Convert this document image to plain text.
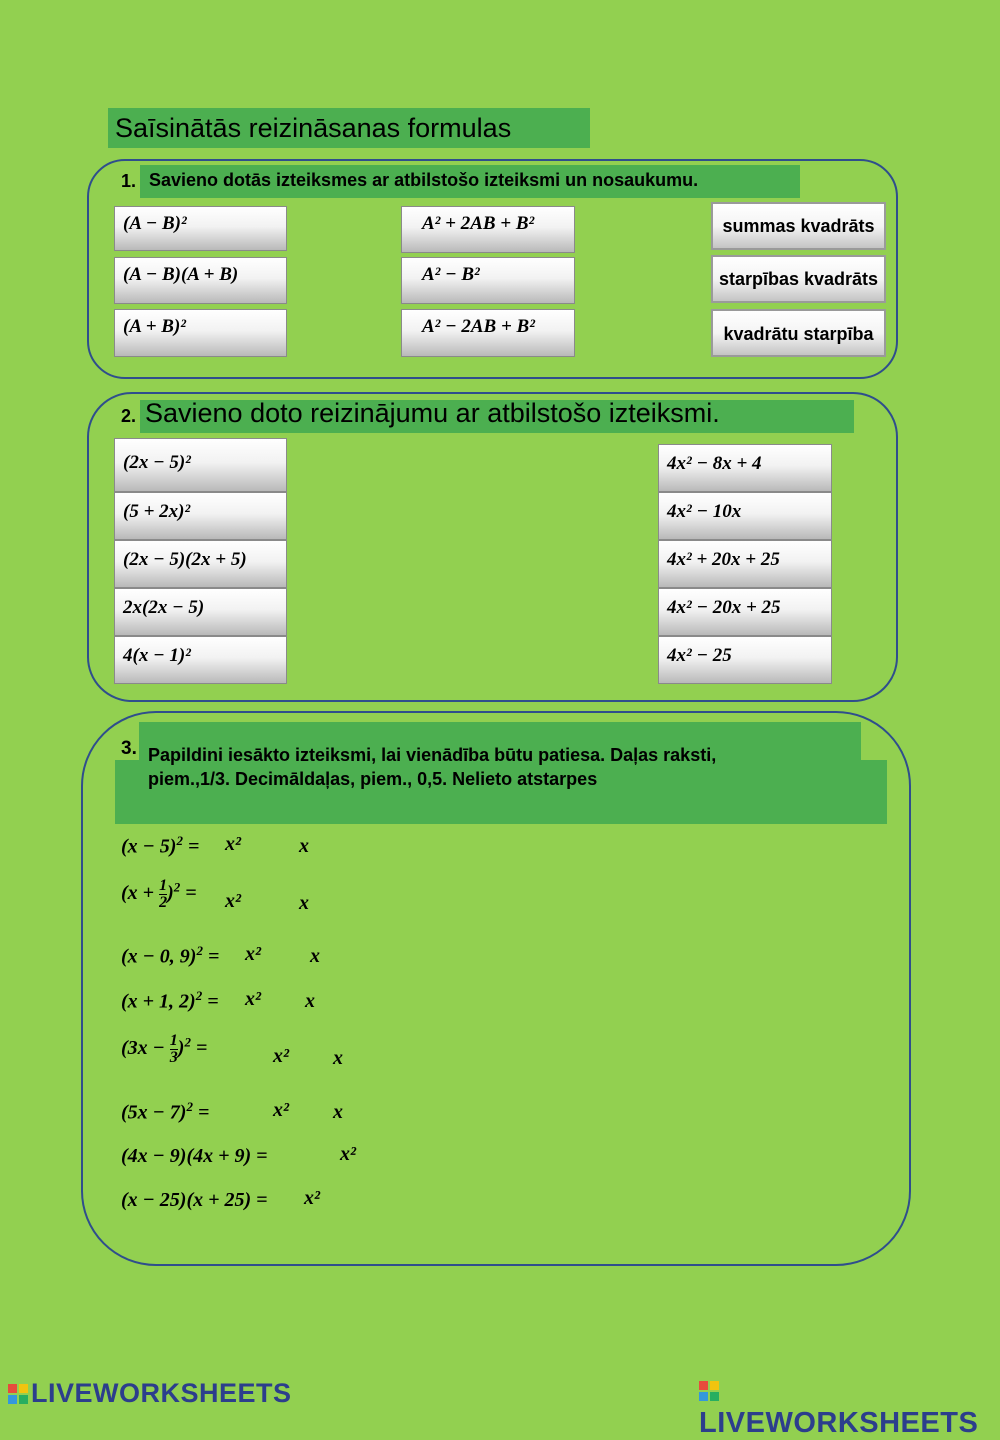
Saīsinātās reizināsanas formulas
1. Savieno dotās izteiksmes ar atbilstošo izteiksmi un nosaukumu.
(A − B)²
(A − B)(A + B)
(A + B)²
A² + 2AB + B²
A² − B²
A² − 2AB + B²
summas kvadrāts
starpības kvadrāts
kvadrātu starpība
2. Savieno doto reizinājumu ar atbilstošo izteiksmi.
(2x − 5)²
(5 + 2x)²
(2x − 5)(2x + 5)
2x(2x − 5)
4(x − 1)²
4x² − 8x + 4
4x² − 10x
4x² + 20x + 25
4x² − 20x + 25
4x² − 25
3. Papildini iesākto izteiksmi, lai vienādība būtu patiesa. Daļas raksti,
piem.,1/3. Decimāldaļas, piem., 0,5. Nelieto atstarpes
$(x - 5)^2 = x^2$	x
$(x + \frac{1}{2} )^2 = x^2$	x
(x − 0, 9)$^2$ = x² x
(x + 1, 2)$^2$ = x² x
$(3x - \frac{1}{3} )^2$ =	x² x
$(5x - 7)^2$ =	x² x
(4x − 9)(4x + 9) =	x²
(x − 25)(x + 25) = x²
LIVEWORKSHEETS
LIVEWORKSHEETS
